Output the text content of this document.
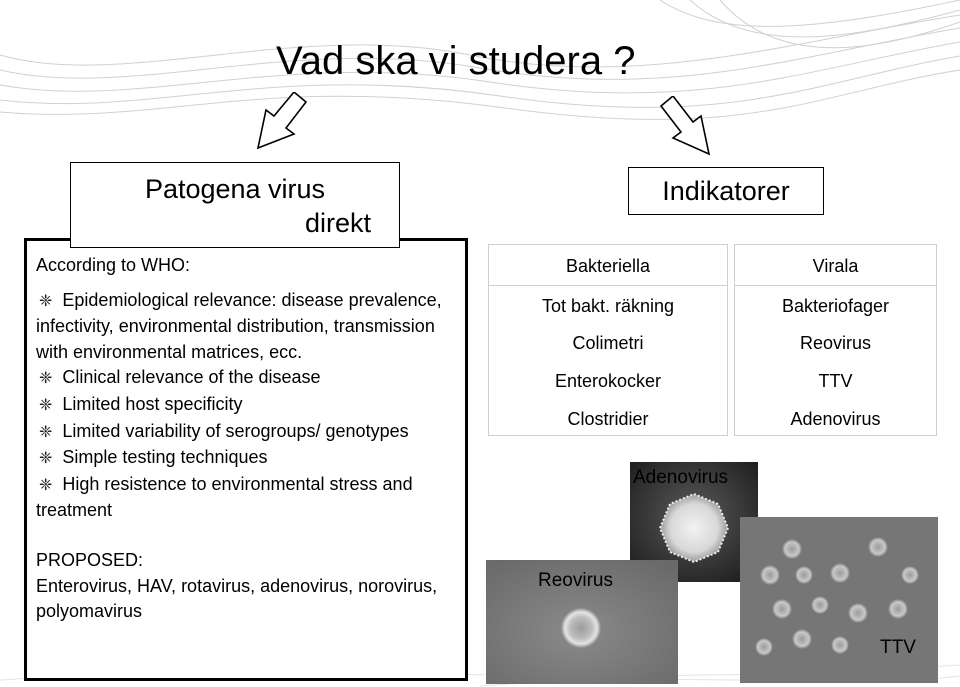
Vad ska vi studera ?
Patogena virus
direkt
According to WHO:
❈ Epidemiological relevance: disease prevalence, infectivity, environmental distribution, transmission with environmental matrices, ecc.
❈ Clinical relevance of the disease
❈ Limited host specificity
❈ Limited variability of serogroups/ genotypes
❈ Simple testing techniques
❈ High resistence to environmental stress and treatment
PROPOSED:
Enterovirus, HAV, rotavirus, adenovirus, norovirus, polyomavirus
Indikatorer
Bakteriella
Tot bakt. räkning
Colimetri
Enterokocker
Clostridier
Virala
Bakteriofager
Reovirus
TTV
Adenovirus
Adenovirus
Reovirus
TTV
